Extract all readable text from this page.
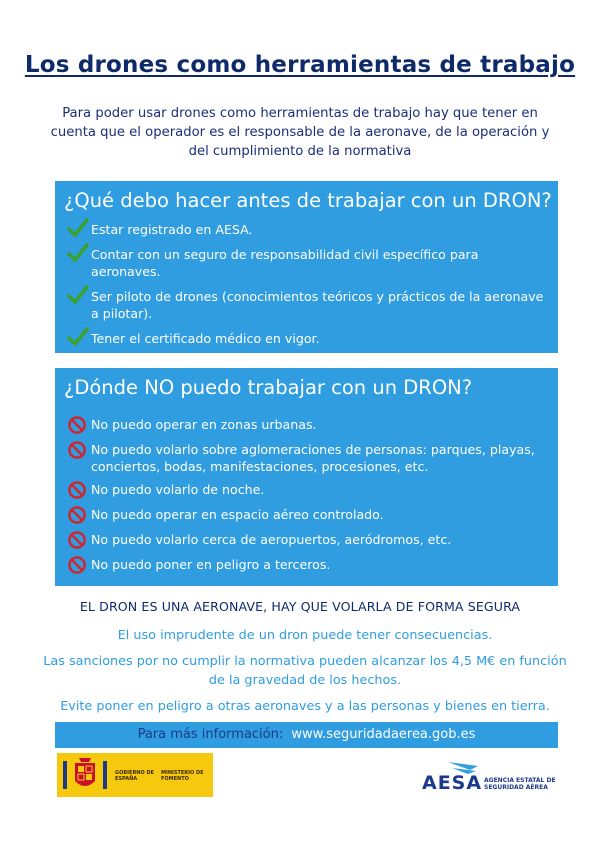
Los drones como herramientas de trabajo
Para poder usar drones como herramientas de trabajo hay que tener en cuenta que el operador es el responsable de la aeronave, de la operación y del cumplimiento de la normativa
¿Qué debo hacer antes de trabajar con un DRON?
Estar registrado en AESA.
Contar con un seguro de responsabilidad civil específico para aeronaves.
Ser piloto de drones (conocimientos teóricos y prácticos de la aeronave a pilotar).
Tener el certificado médico en vigor.
¿Dónde NO puedo trabajar con un DRON?
No puedo operar en zonas urbanas.
No puedo volarlo sobre aglomeraciones de personas: parques, playas, conciertos, bodas, manifestaciones, procesiones, etc.
No puedo volarlo de noche.
No puedo operar en espacio aéreo controlado.
No puedo volarlo cerca de aeropuertos, aeródromos, etc.
No puedo poner en peligro a terceros.
EL DRON ES UNA AERONAVE, HAY QUE VOLARLA DE FORMA SEGURA

El uso imprudente de un dron puede tener consecuencias.

Las sanciones por no cumplir la normativa pueden alcanzar los 4,5 M€ en función de la gravedad de los hechos.

Evite poner en peligro a otras aeronaves y a las personas y bienes en tierra.

Para más información: www.seguridadaerea.gob.es
GOBIERNO DE ESPAÑA
MINISTERIO DE FOMENTO	AESA AGENCIA ESTATAL DE SEGURIDAD AÉREA
